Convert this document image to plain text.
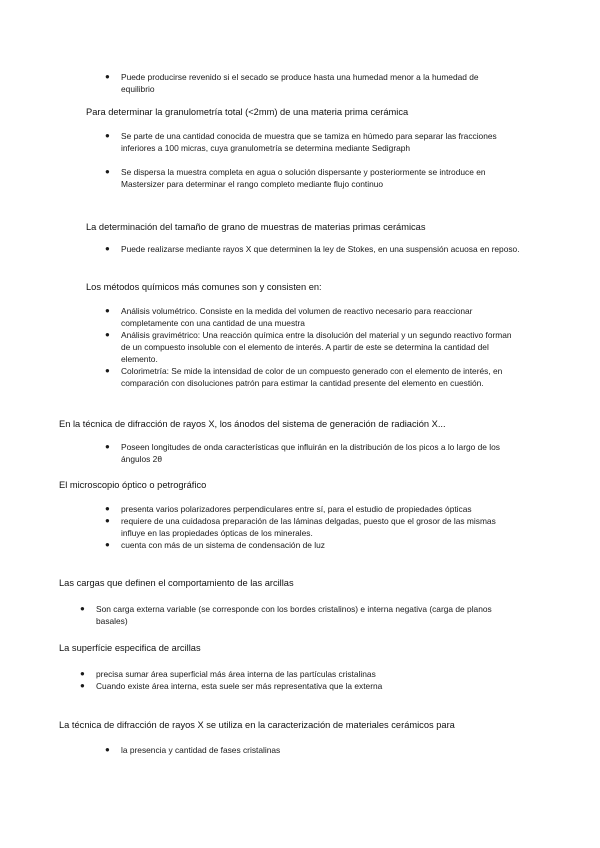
● Puede producirse revenido si el secado se produce hasta una humedad menor a la humedad de equilibrio
Para determinar la granulometría total (<2mm) de una materia prima cerámica
● Se parte de una cantidad conocida de muestra que se tamiza en húmedo para separar las fracciones inferiores a 100 micras, cuya granulometría se determina mediante Sedigraph
● Se dispersa la muestra completa en agua o solución dispersante y posteriormente se introduce en Mastersizer para determinar el rango completo mediante flujo continuo
La determinación del tamaño de grano de muestras de materias primas cerámicas
● Puede realizarse mediante rayos X que determinen la ley de Stokes, en una suspensión acuosa en reposo.
Los métodos químicos más comunes son y consisten en:
● Análisis volumétrico. Consiste en la medida del volumen de reactivo necesario para reaccionar completamente con una cantidad de una muestra
● Análisis gravimétrico: Una reacción química entre la disolución del material y un segundo reactivo forman de un compuesto insoluble con el elemento de interés. A partir de este se determina la cantidad del elemento.
● Colorimetría: Se mide la intensidad de color de un compuesto generado con el elemento de interés, en comparación con disoluciones patrón para estimar la cantidad presente del elemento en cuestión.
En la técnica de difracción de rayos X, los ánodos del sistema de generación de radiación X...
● Poseen longitudes de onda características que influirán en la distribución de los picos a lo largo de los ángulos 2θ
El microscopio óptico o petrográfico
● presenta varios polarizadores perpendiculares entre sí, para el estudio de propiedades ópticas
● requiere de una cuidadosa preparación de las láminas delgadas, puesto que el grosor de las mismas influye en las propiedades ópticas de los minerales.
● cuenta con más de un sistema de condensación de luz
Las cargas que definen el comportamiento de las arcillas
● Son carga externa variable (se corresponde con los bordes cristalinos) e interna negativa (carga de planos basales)
La superfície especifica de arcillas
● precisa sumar área superficial más área interna de las partículas cristalinas
● Cuando existe área interna, esta suele ser más representativa que la externa
La técnica de difracción de rayos X se utiliza en la caracterización de materiales cerámicos para
● la presencia y cantidad de fases cristalinas
